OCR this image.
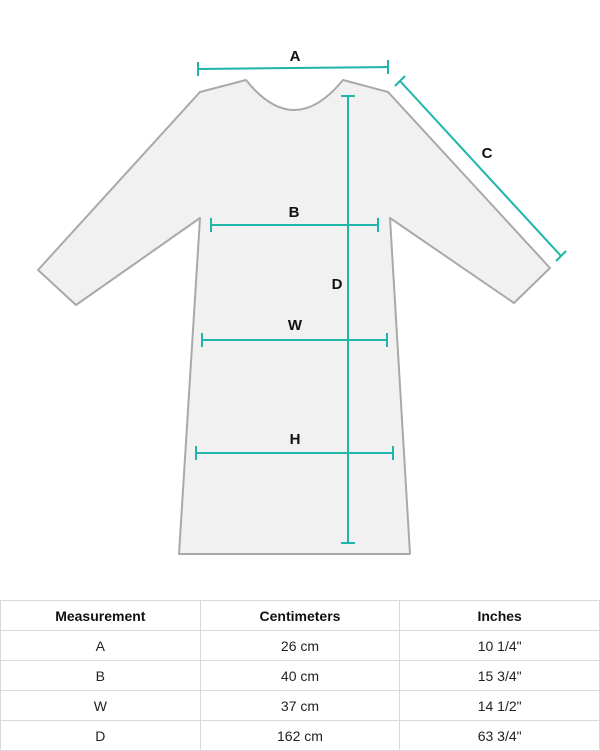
A
C
B
D
W
H
Measurement	Centimeters	Inches
A	26 cm	10 1/4"
B	40 cm	15 3/4"
W	37 cm	14 1/2"
D	162 cm	63 3/4"
